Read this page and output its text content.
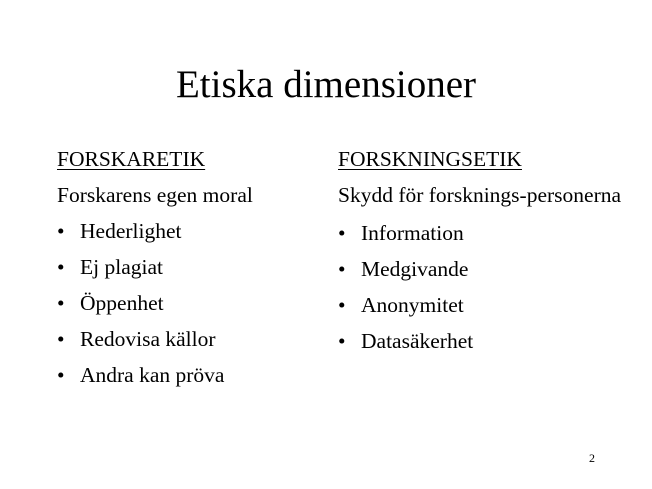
Etiska dimensioner
FORSKARETIK
Forskarens egen moral
• Hederlighet
• Ej plagiat
• Öppenhet
• Redovisa källor
• Andra kan pröva
FORSKNINGSETIK
Skydd för forsknings-personerna
• Information
• Medgivande
• Anonymitet
• Datasäkerhet
2
